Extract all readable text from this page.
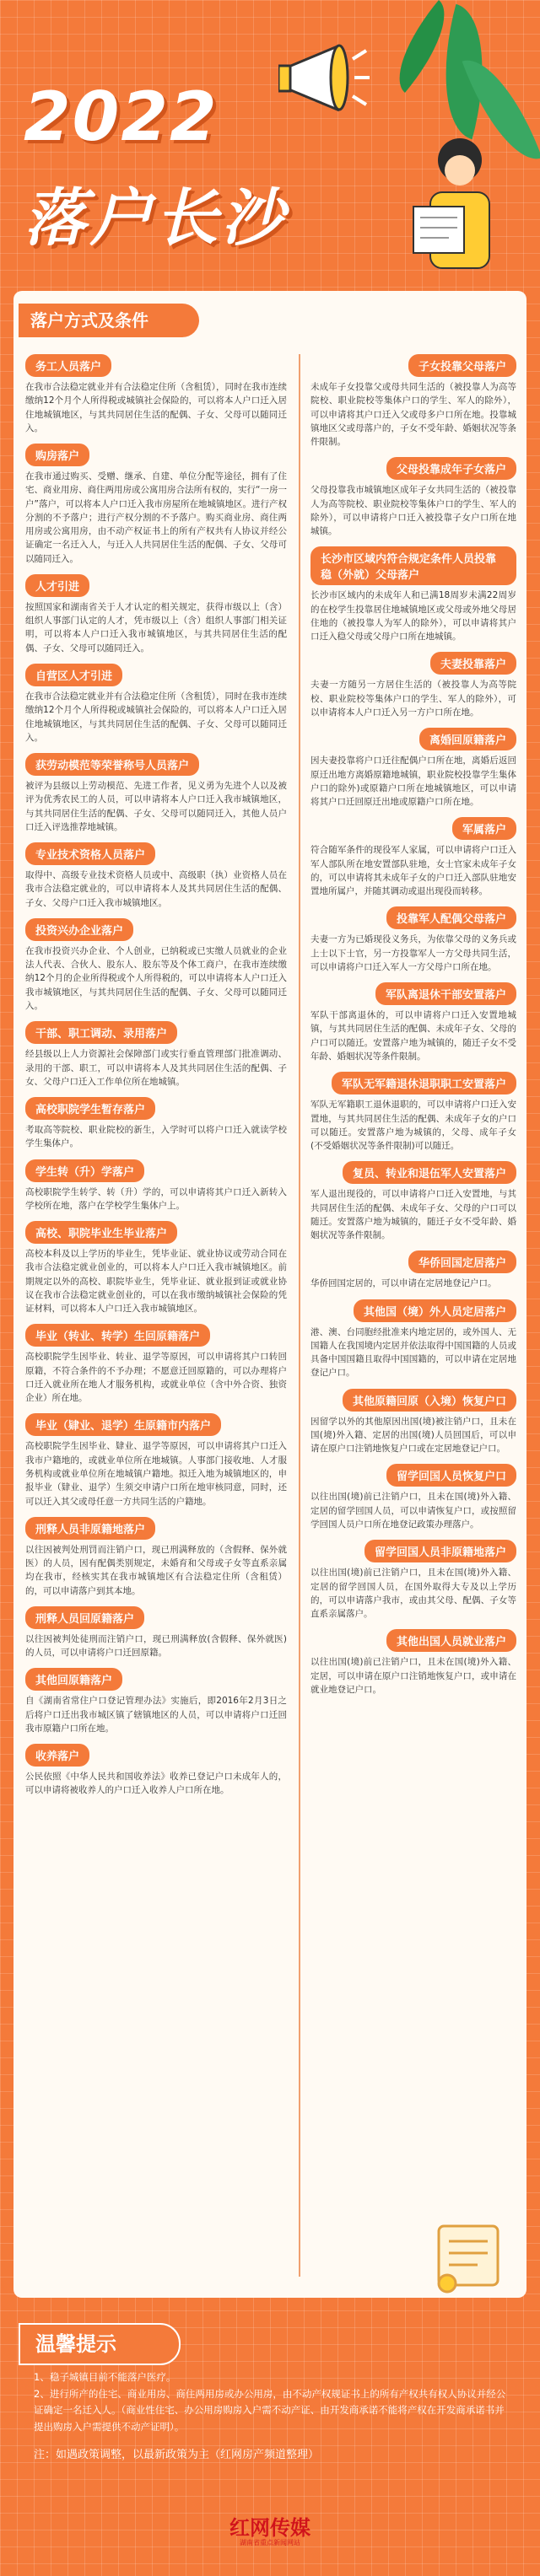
2022
落户长沙
落户方式及条件
务工人员落户
在我市合法稳定就业并有合法稳定住所（含租赁），同时在我市连续缴纳12个月个人所得税或城镇社会保险的，可以将本人户口迁入居住地城镇地区，与其共同居住生活的配偶、子女、父母可以随同迁入。
购房落户
在我市通过购买、受赠、继承、自建、单位分配等途径，拥有了住宅、商业用房、商住两用房或公寓用房合法所有权的，实行“一房一户”落户，可以将本人户口迁入我市房屋所在地城镇地区。进行产权分割的不予落户；进行产权分割的不予落户。购买商业房、商住两用房或公寓用房，由不动产权证书上的所有产权共有人协议并经公证确定一名迁入人，与迁入人共同居住生活的配偶、子女、父母可以随同迁入。
人才引进
按照国家和湖南省关于人才认定的相关规定，获得市级以上（含）组织人事部门认定的人才，凭市级以上（含）组织人事部门相关证明，可以将本人户口迁入我市城镇地区，与其共同居住生活的配偶、子女、父母可以随同迁入。
自营区人才引进
在我市合法稳定就业并有合法稳定住所（含租赁），同时在我市连续缴纳12个月个人所得税或城镇社会保险的，可以将本人户口迁入居住地城镇地区，与其共同居住生活的配偶、子女、父母可以随同迁入。
获劳动模范等荣誉称号人员落户
被评为县级以上劳动模范、先进工作者，见义勇为先进个人以及被评为优秀农民工的人员，可以申请将本人户口迁入我市城镇地区，与其共同居住生活的配偶、子女、父母可以随同迁入，其他人员户口迁入评选推荐地城镇。
专业技术资格人员落户
取得中、高级专业技术资格人员或中、高级职（执）业资格人员在我市合法稳定就业的，可以申请将本人及其共同居住生活的配偶、子女、父母户口迁入我市城镇地区。
投资兴办企业落户
在我市投资兴办企业、个人创业，已纳税或已实缴人员就业的企业法人代表、合伙人、股东人、股东等及个体工商户，在我市连续缴纳12个月的企业所得税或个人所得税的，可以申请将本人户口迁入我市城镇地区，与其共同居住生活的配偶、子女、父母可以随同迁入。
干部、职工调动、录用落户
经县级以上人力资源社会保障部门或实行垂直管理部门批准调动、录用的干部、职工，可以申请将本人及其共同居住生活的配偶、子女、父母户口迁入工作单位所在地城镇。
高校职院学生暂存落户
考取高等院校、职业院校的新生，入学时可以将户口迁入就读学校学生集体户。
学生转（升）学落户
高校职院学生转学、转（升）学的，可以申请将其户口迁入新转入学校所在地，落户在学校学生集体户上。
高校、职院毕业生毕业落户
高校本科及以上学历的毕业生，凭毕业证、就业协议或劳动合同在我市合法稳定就业创业的，可以将本人户口迁入我市城镇地区。前期规定以外的高校、职院毕业生，凭毕业证、就业报到证或就业协议在我市合法稳定就业创业的，可以在我市缴纳城镇社会保险的凭证材料，可以将本人户口迁入我市城镇地区。
毕业（转业、转学）生回原籍落户
高校职院学生因毕业、转业、退学等原因，可以申请将其户口转回原籍，不符合条件的不予办理；不愿意迁回原籍的，可以办理将户口迁入就业所在地人才服务机构，或就业单位（含中外合资、独资企业）所在地。
毕业（肄业、退学）生原籍市内落户
高校职院学生因毕业、肄业、退学等原因，可以申请将其户口迁入我市户籍地的，或就业单位所在地城镇。人事部门接收地、人才服务机构或就业单位所在地城镇户籍地。拟迁入地为城镇地区的，申报毕业（肄业、退学）生须交申请户口所在地审核同意，同时，还可以迁入其父或母任意一方共同生活的户籍地。
刑释人员非原籍地落户
以往因被判处刑罚而注销户口，现已刑满释放的（含假释、保外就医）的人员，因有配偶类别规定，未婚育和父母或子女等直系亲属均在我市，经核实其在我市城镇地区有合法稳定住所（含租赁）的，可以申请落户到其本地。
刑释人员回原籍落户
以往因被判处徒刑而注销户口，现已刑满释放(含假释、保外就医)的人员，可以申请将户口迁回原籍。
其他回原籍落户
自《湖南省常住户口登记管理办法》实施后，即2016年2月3日之后将户口迁出我市城区镇了辖镇地区的人员，可以申请将户口迁回我市原籍户口所在地。
收养落户
公民依照《中华人民共和国收养法》收养已登记户口未成年人的，可以申请将被收养人的户口迁入收养人户口所在地。
子女投靠父母落户
未成年子女投靠父或母共同生活的（被投靠人为高等院校、职业院校等集体户口的学生、军人的除外），可以申请将其户口迁入父或母多户口所在地。投靠城镇地区父或母落户的，子女不受年龄、婚姻状况等条件限制。
父母投靠成年子女落户
父母投靠我市城镇地区成年子女共同生活的（被投靠人为高等院校、职业院校等集体户口的学生、军人的除外），可以申请将户口迁入被投靠子女户口所在地城镇。
长沙市区域内符合规定条件人员投靠稳（外就）父母落户
长沙市区域内的未成年人和已满18周岁未满22周岁的在校学生投靠居住地城镇地区或父母或外地父母居住地的（被投靠人为军人的除外），可以申请将其户口迁入稳父母或父母户口所在地城镇。
夫妻投靠落户
夫妻一方随另一方居住生活的（被投靠人为高等院校、职业院校等集体户口的学生、军人的除外），可以申请将本人户口迁入另一方户口所在地。
离婚回原籍落户
因夫妻投靠将户口迁往配偶户口所在地，离婚后返回原迁出地方离婚原籍地城镇，职业院校投靠学生集体户口的除外)或原籍户口所在地城镇地区，可以申请将其户口迁回原迁出地或原籍户口所在地。
军属落户
符合随军条件的现役军人家属，可以申请将户口迁入军人部队所在地安置部队驻地，女士官家未成年子女的，可以申请将其未成年子女的户口迁入部队驻地安置地所属户，并随其调动或退出现役而转移。
投靠军人配偶父母落户
夫妻一方为已婚现役义务兵，为依靠父母的义务兵或上士以下士官，另一方投靠军人一方父母共同生活，可以申请将户口迁入军人一方父母户口所在地。
军队离退休干部安置落户
军队干部离退休的，可以申请将户口迁入安置地城镇，与其共同居住生活的配偶、未成年子女、父母的户口可以随迁。安置落户地为城镇的，随迁子女不受年龄、婚姻状况等条件限制。
军队无军籍退休退职职工安置落户
军队无军籍职工退休退职的，可以申请将户口迁入安置地，与其共同居住生活的配偶、未成年子女的户口可以随迁。安置落户地为城镇的，父母、成年子女(不受婚姻状况等条件限制)可以随迁。
复员、转业和退伍军人安置落户
军人退出现役的，可以申请将户口迁入安置地，与其共同居住生活的配偶、未成年子女、父母的户口可以随迁。安置落户地为城镇的，随迁子女不受年龄、婚姻状况等条件限制。
华侨回国定居落户
华侨回国定居的，可以申请在定居地登记户口。
其他国（境）外人员定居落户
港、澳、台同胞经批准来内地定居的，或外国人、无国籍人在我国境内定居并依法取得中国国籍的人员或具备中国国籍且取得中国国籍的，可以申请在定居地登记户口。
其他原籍回原（入境）恢复户口
因留学以外的其他原因出国(境)被注销户口，且未在国(境)外入籍、定居的出国(境)人员回国后，可以申请在原户口注销地恢复户口或在定居地登记户口。
留学回国人员恢复户口
以往出国(境)前已注销户口，且未在国(境)外入籍、定居的留学回国人员，可以申请恢复户口，或按照留学回国人员户口所在地登记政策办理落户。
留学回国人员非原籍地落户
以往出国(境)前已注销户口，且未在国(境)外入籍、定居的留学回国人员，在国外取得大专及以上学历的，可以申请落户我市，或由其父母、配偶、子女等直系亲属落户。
其他出国人员就业落户
以往出国(境)前已注销户口，且未在国(境)外入籍、定居，可以申请在原户口注销地恢复户口，或申请在就业地登记户口。
温馨提示
1、稳子城镇目前不能落户医疗。
2、进行所产的住宅、商业用房、商住两用房或办公用房，由不动产权规证书上的所有产权共有权人协议并经公证确定一名迁入人。（商业性住宅、办公用房购房入户需不动产证、由开发商承诺不能将产权在开发商承诺书并提出购房入户需提供不动产证明）。
注：如遇政策调整，以最新政策为主（红网房产频道整理）
红网传媒
湖南省重点新闻网站
